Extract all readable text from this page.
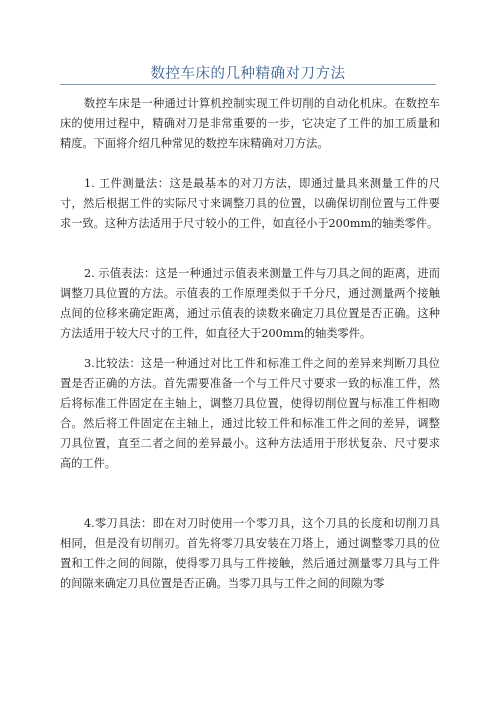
数控车床的几种精确对刀方法

数控车床是一种通过计算机控制实现工件切削的自动化机床。在数控车床的使用过程中，精确对刀是非常重要的一步，它决定了工件的加工质量和精度。下面将介绍几种常见的数控车床精确对刀方法。

1. 工件测量法：这是最基本的对刀方法，即通过量具来测量工件的尺寸，然后根据工件的实际尺寸来调整刀具的位置，以确保切削位置与工件要求一致。这种方法适用于尺寸较小的工件，如直径小于200mm的轴类零件。

2. 示值表法：这是一种通过示值表来测量工件与刀具之间的距离，进而调整刀具位置的方法。示值表的工作原理类似于千分尺，通过测量两个接触点间的位移来确定距离，通过示值表的读数来确定刀具位置是否正确。这种方法适用于较大尺寸的工件，如直径大于200mm的轴类零件。

3.比较法：这是一种通过对比工件和标准工件之间的差异来判断刀具位置是否正确的方法。首先需要准备一个与工件尺寸要求一致的标准工件，然后将标准工件固定在主轴上，调整刀具位置，使得切削位置与标准工件相吻合。然后将工件固定在主轴上，通过比较工件和标准工件之间的差异，调整刀具位置，直至二者之间的差异最小。这种方法适用于形状复杂、尺寸要求高的工件。

4.零刀具法：即在对刀时使用一个零刀具，这个刀具的长度和切削刀具相同，但是没有切削刃。首先将零刀具安装在刀塔上，通过调整零刀具的位置和工件之间的间隙，使得零刀具与工件接触，然后通过测量零刀具与工件的间隙来确定刀具位置是否正确。当零刀具与工件之间的间隙为零
